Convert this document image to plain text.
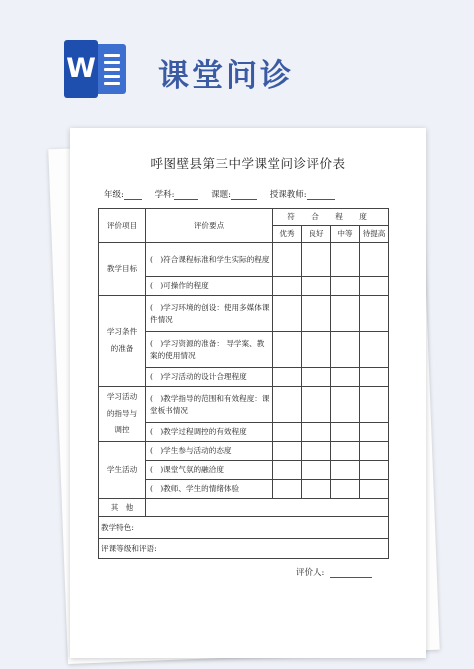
W 课堂问诊
呼图壁县第三中学课堂问诊评价表
年级:	学科:	课题:	授课教师:
评价项目	评价要点	符 合 程 度			
		优秀	良好	中等	待提高
教学目标	(   )符合课程标准和学生实际的程度				
	(   )可操作的程度				
学习条件
的准备	(   )学习环境的创设：使用多媒体课件情况				
	(   )学习资源的准备： 导学案、教案的使用情况				
	(   )学习活动的设计合理程度				
学习活动
的指导与
调控	(   )教学指导的范围和有效程度：课堂板书情况				
	(   )教学过程调控的有效程度				
学生活动	(   )学生参与活动的态度				
	(   )课堂气氛的融洽度				
	(   )教师、学生的情绪体验				
其   他					
教学特色:					
评课等级和评语:					
评价人:
